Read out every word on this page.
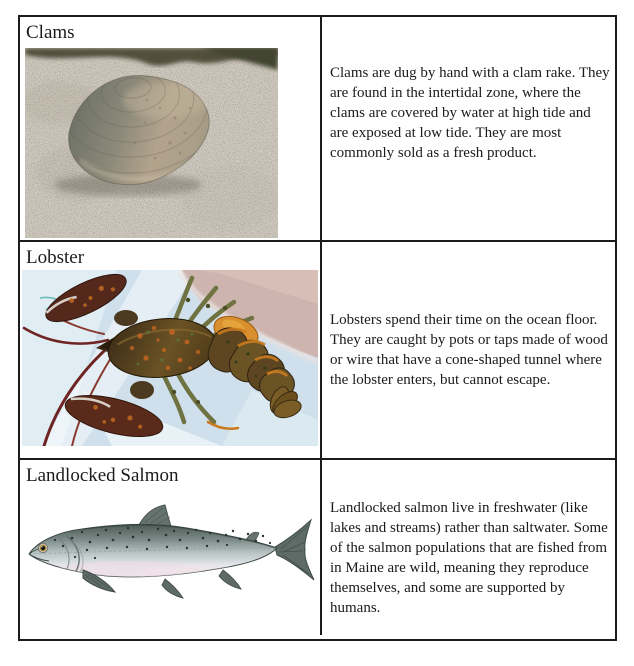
Clams

Clams are dug by hand with a clam rake. They are found in the intertidal zone, where the clams are covered by water at high tide and are exposed at low tide. They are most commonly sold as a fresh product.

Lobster

Lobsters spend their time on the ocean floor. They are caught by pots or taps made of wood or wire that have a cone-shaped tunnel where the lobster enters, but cannot escape.

Landlocked Salmon

Landlocked salmon live in freshwater (like lakes and streams) rather than saltwater. Some of the salmon populations that are fished from in Maine are wild, meaning they reproduce themselves, and some are supported by humans.
